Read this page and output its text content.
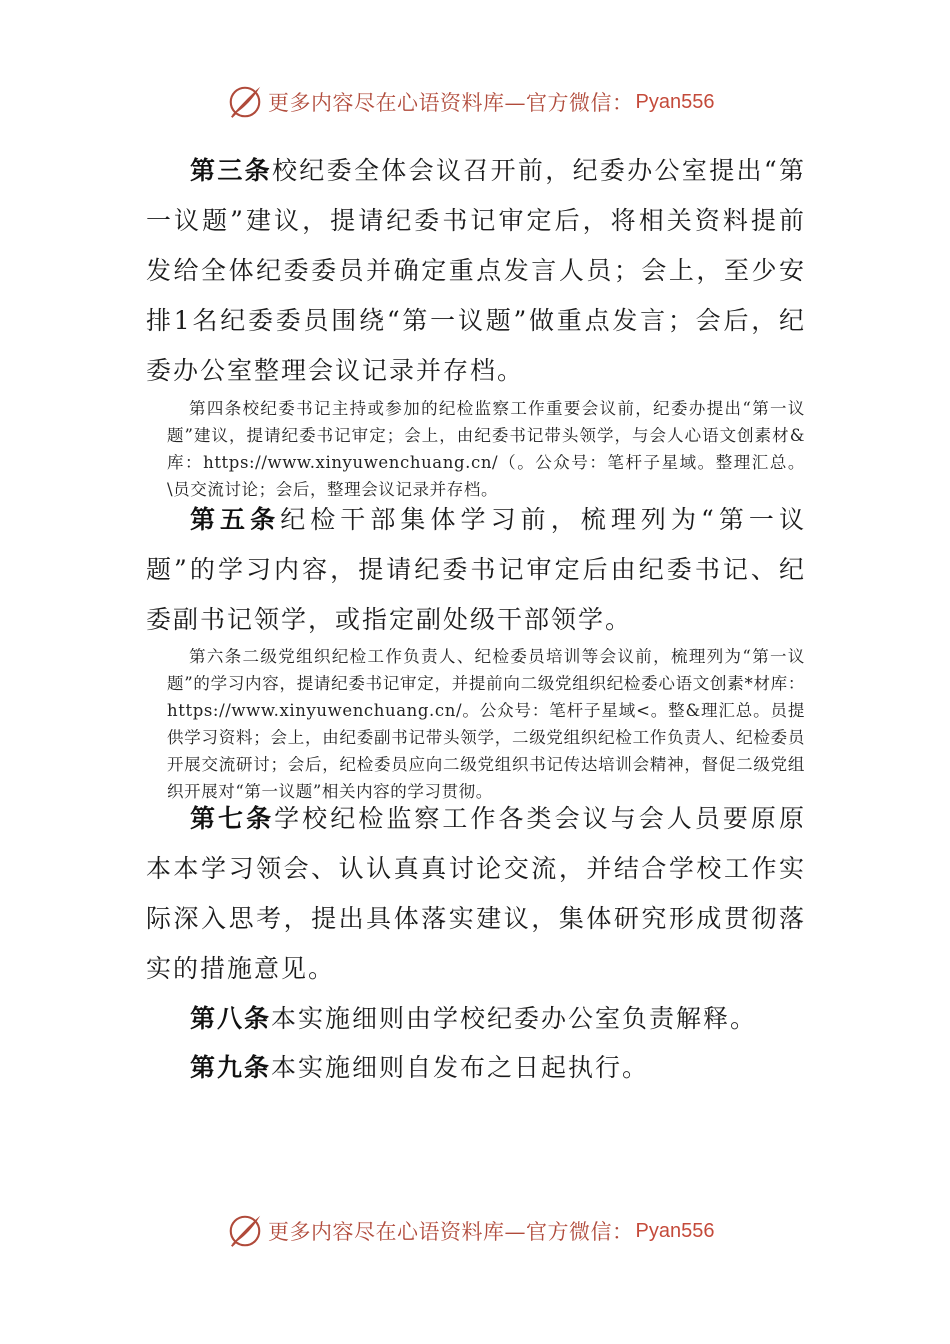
更多内容尽在心语资料库—官方微信： Pyan556

第三条校纪委全体会议召开前，纪委办公室提出“第一议题”建议，提请纪委书记审定后，将相关资料提前发给全体纪委委员并确定重点发言人员；会上，至少安排1名纪委委员围绕“第一议题”做重点发言；会后，纪委办公室整理会议记录并存档。

第四条校纪委书记主持或参加的纪检监察工作重要会议前，纪委办提出“第一议题”建议，提请纪委书记审定；会上，由纪委书记带头领学，与会人心语文创素材&库：https://www.xinyuwenchuang.cn/（。公众号：笔杆子星域。整理汇总。\员交流讨论；会后，整理会议记录并存档。

第五条纪检干部集体学习前，梳理列为“第一议题”的学习内容，提请纪委书记审定后由纪委书记、纪委副书记领学，或指定副处级干部领学。

第六条二级党组织纪检工作负责人、纪检委员培训等会议前，梳理列为“第一议题”的学习内容，提请纪委书记审定，并提前向二级党组织纪检委心语文创素*材库：https://www.xinyuwenchuang.cn/。公众号：笔杆子星域<。整&理汇总。员提供学习资料；会上，由纪委副书记带头领学，二级党组织纪检工作负责人、纪检委员开展交流研讨；会后，纪检委员应向二级党组织书记传达培训会精神，督促二级党组织开展对“第一议题”相关内容的学习贯彻。

第七条学校纪检监察工作各类会议与会人员要原原本本学习领会、认认真真讨论交流，并结合学校工作实际深入思考，提出具体落实建议，集体研究形成贯彻落实的措施意见。

第八条本实施细则由学校纪委办公室负责解释。

第九条本实施细则自发布之日起执行。

更多内容尽在心语资料库—官方微信： Pyan556
